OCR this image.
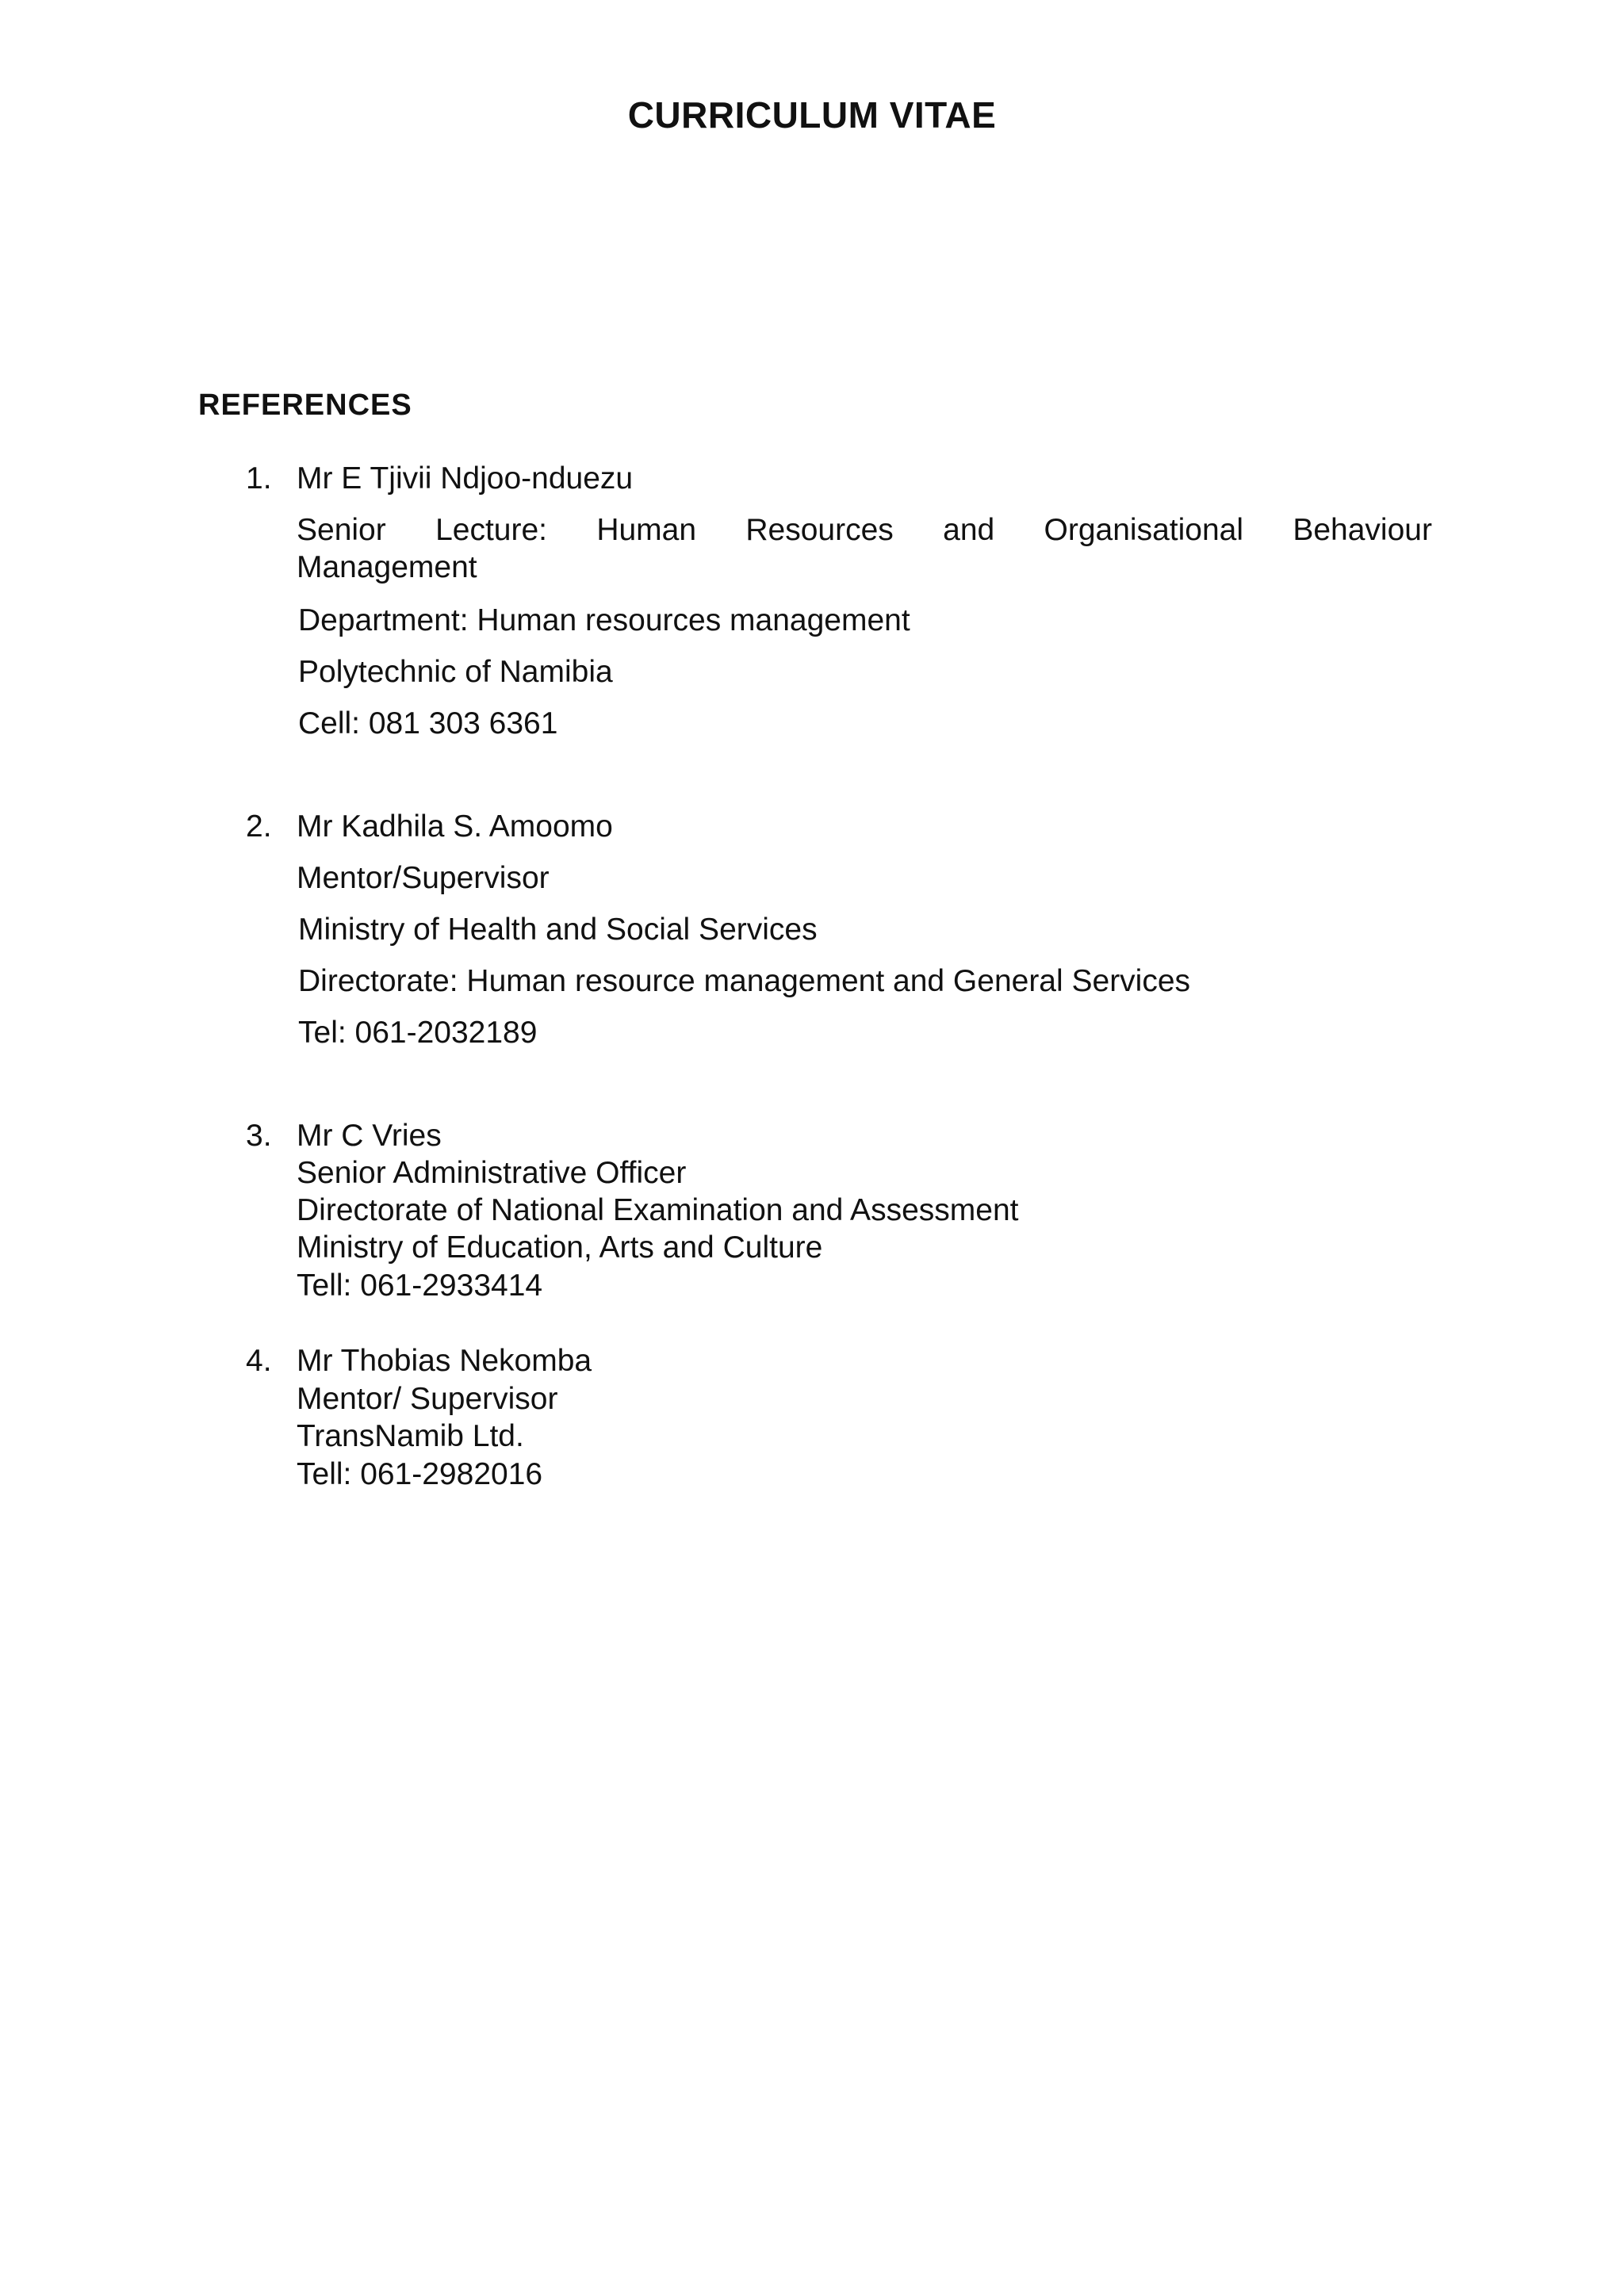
CURRICULUM VITAE
REFERENCES
1. Mr E Tjivii Ndjoo-nduezu
Senior Lecture: Human Resources and Organisational Behaviour
Management
Department: Human resources management
Polytechnic of Namibia
Cell: 081 303 6361
2. Mr Kadhila S. Amoomo
Mentor/Supervisor
Ministry of Health and Social Services
Directorate: Human resource management and General Services
Tel: 061-2032189
3. Mr C Vries
Senior Administrative Officer
Directorate of National Examination and Assessment
Ministry of Education, Arts and Culture
Tell: 061-2933414
4. Mr Thobias Nekomba
Mentor/ Supervisor
TransNamib Ltd.
Tell: 061-2982016
